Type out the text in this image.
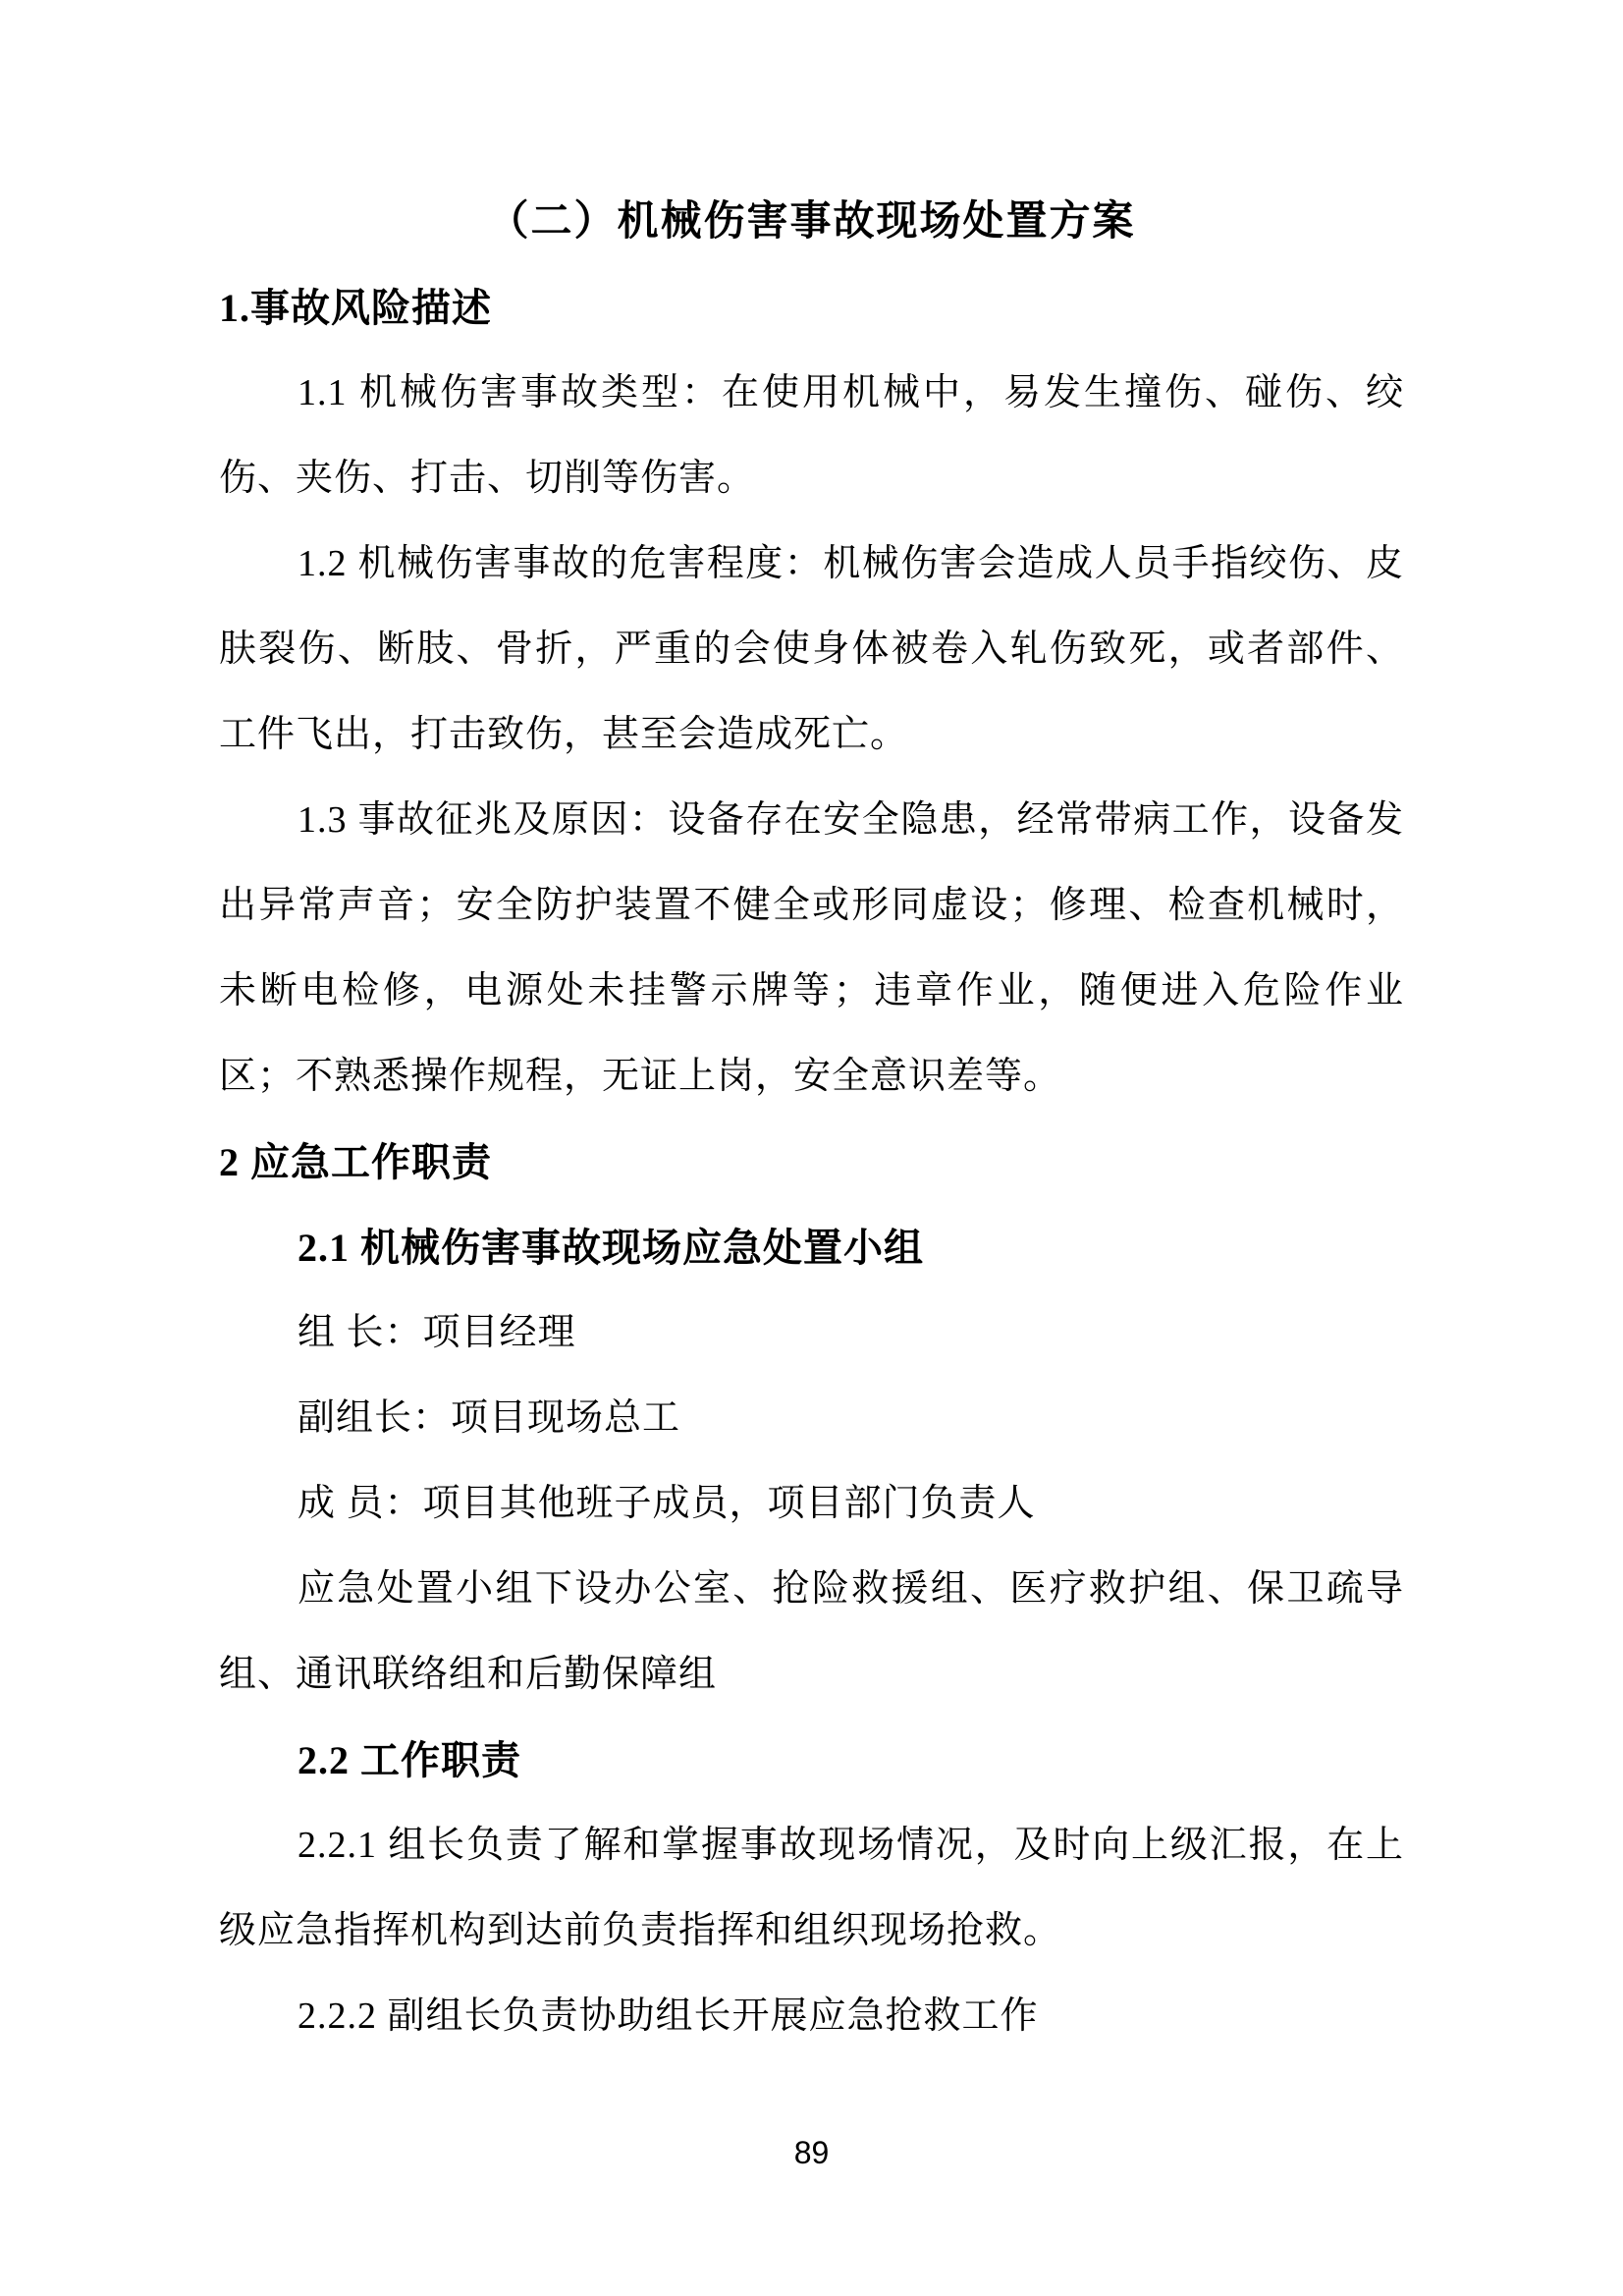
（二）机械伤害事故现场处置方案

1.事故风险描述

1.1 机械伤害事故类型：在使用机械中，易发生撞伤、碰伤、绞伤、夹伤、打击、切削等伤害。

1.2 机械伤害事故的危害程度：机械伤害会造成人员手指绞伤、皮肤裂伤、断肢、骨折，严重的会使身体被卷入轧伤致死，或者部件、工件飞出，打击致伤，甚至会造成死亡。

1.3 事故征兆及原因：设备存在安全隐患，经常带病工作，设备发出异常声音；安全防护装置不健全或形同虚设；修理、检查机械时，未断电检修，电源处未挂警示牌等；违章作业，随便进入危险作业区；不熟悉操作规程，无证上岗，安全意识差等。

2 应急工作职责

2.1 机械伤害事故现场应急处置小组

组 长：项目经理

副组长：项目现场总工

成 员：项目其他班子成员，项目部门负责人

应急处置小组下设办公室、抢险救援组、医疗救护组、保卫疏导组、通讯联络组和后勤保障组

2.2 工作职责

2.2.1 组长负责了解和掌握事故现场情况，及时向上级汇报，在上级应急指挥机构到达前负责指挥和组织现场抢救。

2.2.2 副组长负责协助组长开展应急抢救工作

89
